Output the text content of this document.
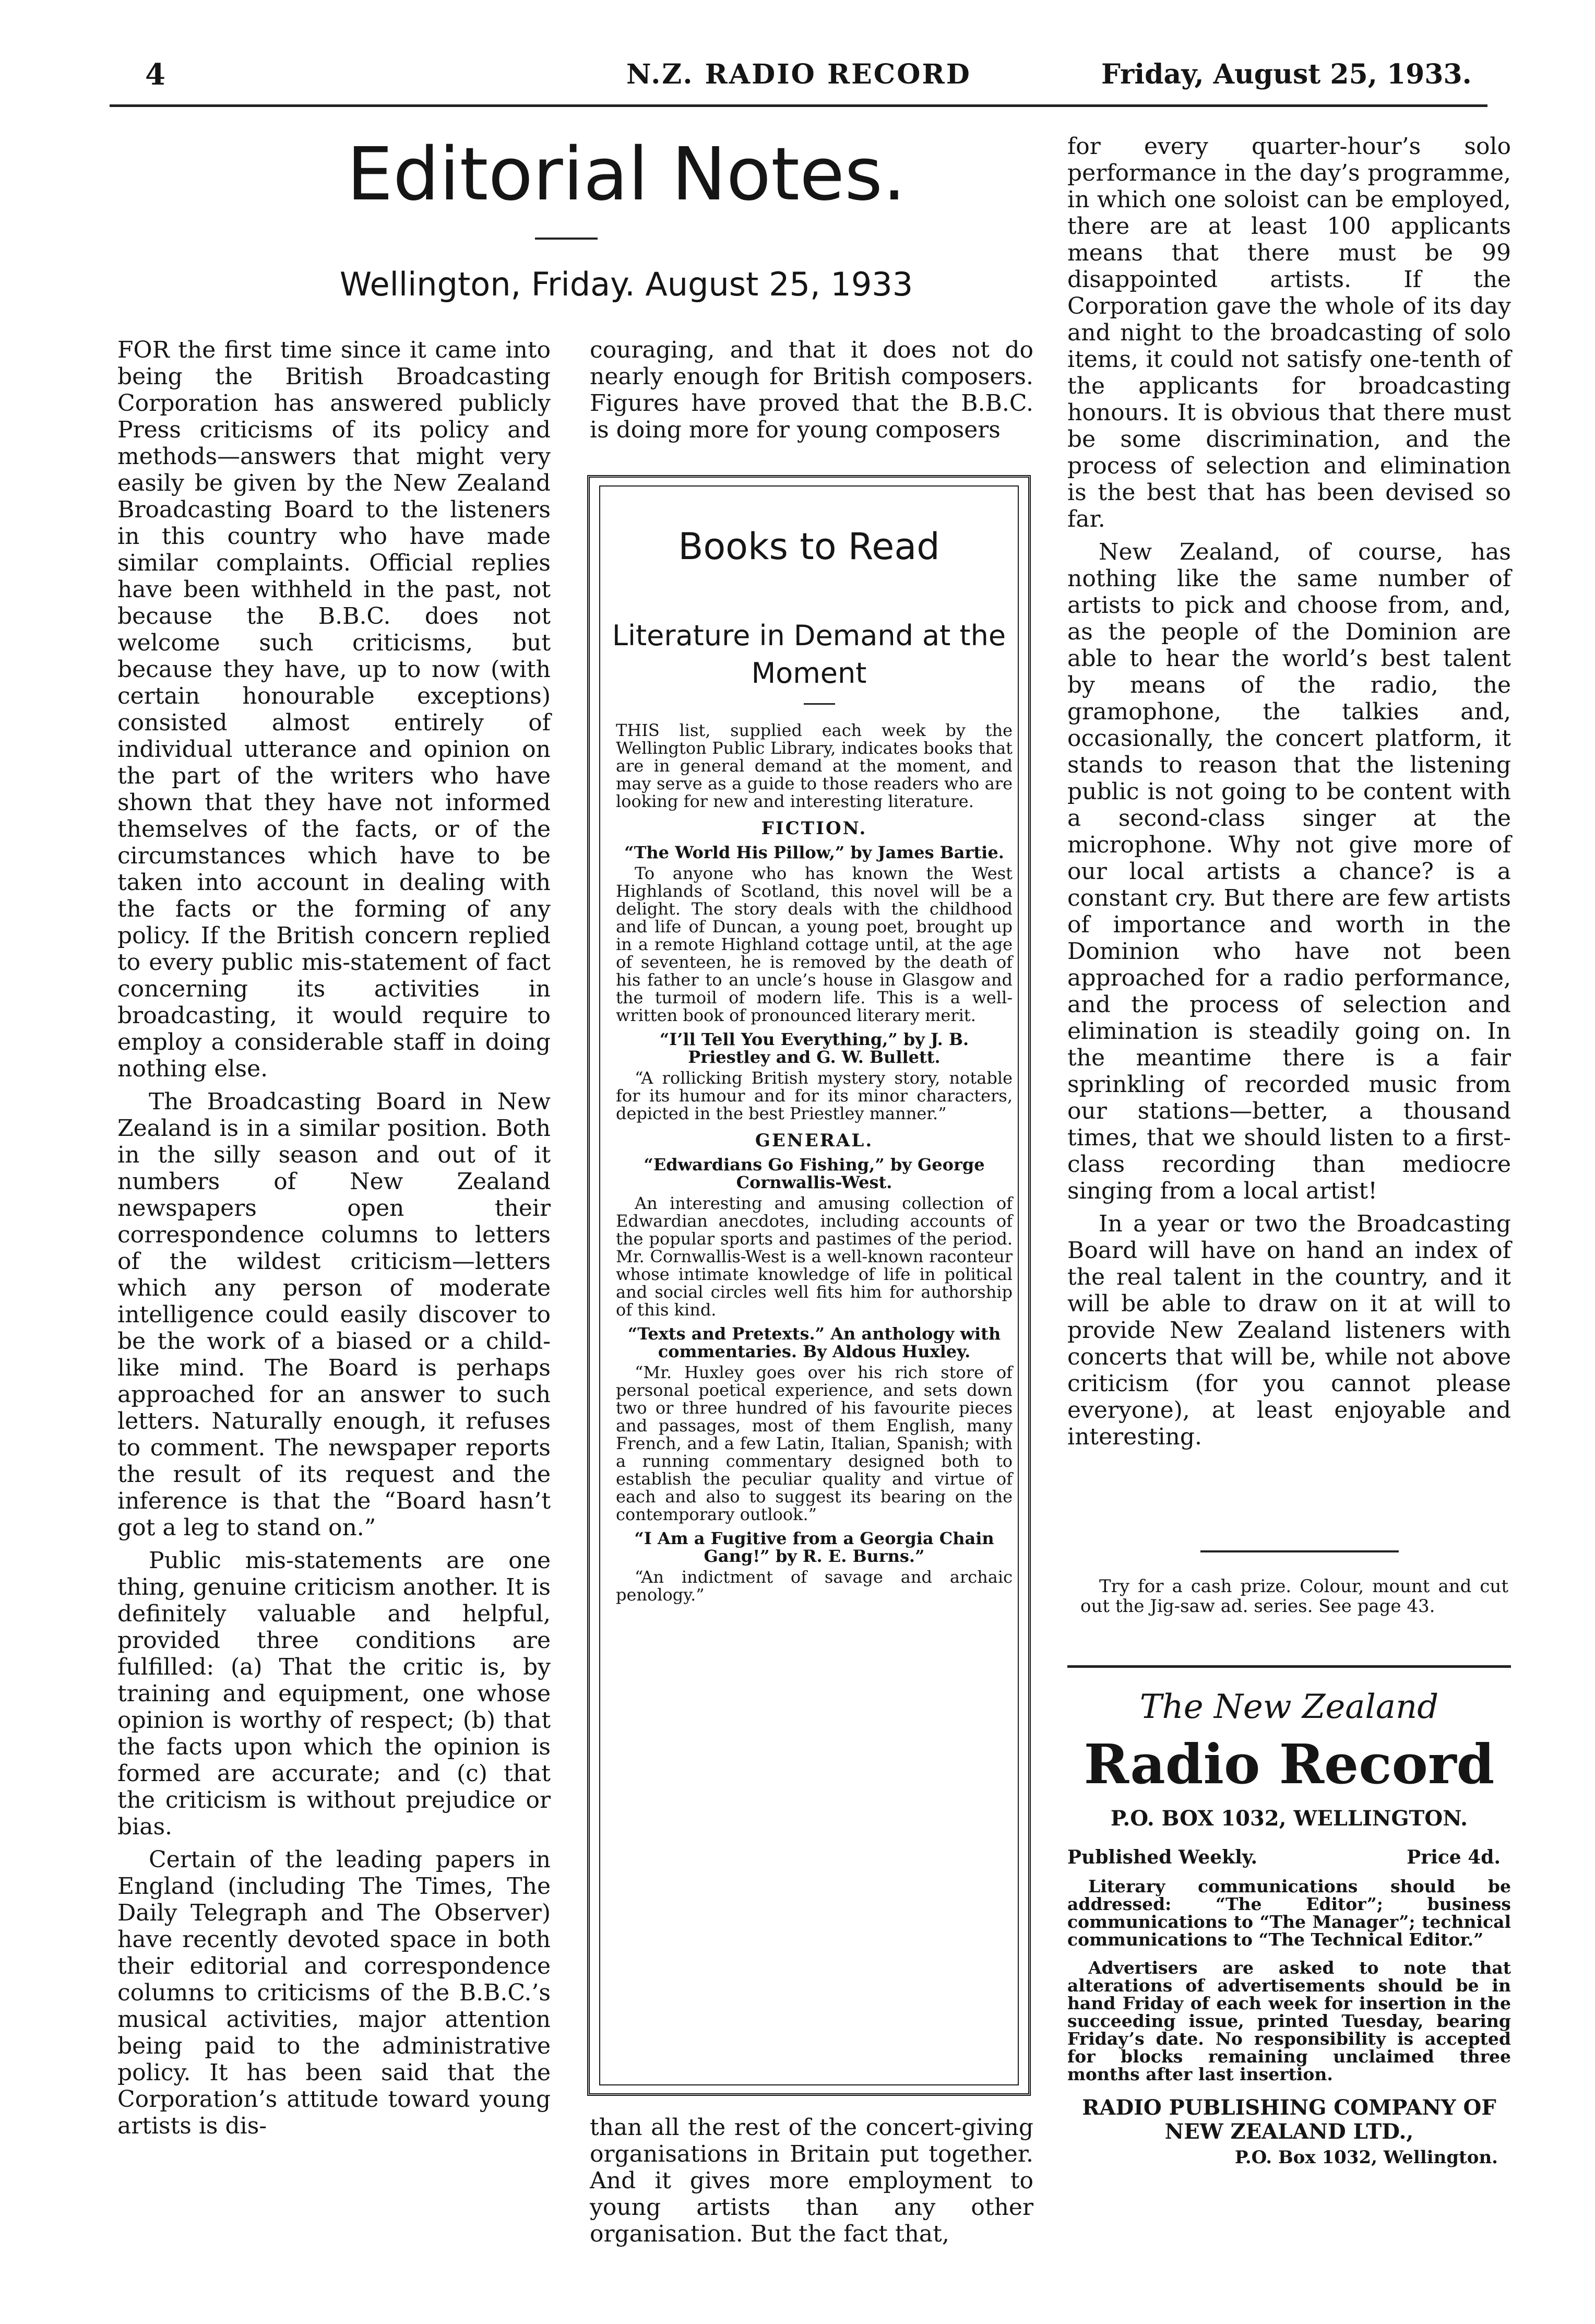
4	N.Z. RADIO RECORD	Friday, August 25, 1933.
Editorial Notes.
Wellington, Friday. August 25, 1933

FOR the first time since it came into being the British Broadcasting Corporation has answered publicly Press criticisms of its policy and methods—answers that might very easily be given by the New Zealand Broadcasting Board to the listeners in this country who have made similar complaints. Official replies have been withheld in the past, not because the B.B.C. does not welcome such criticisms, but because they have, up to now (with certain honourable exceptions) consisted almost entirely of individual utterance and opinion on the part of the writers who have shown that they have not informed themselves of the facts, or of the circumstances which have to be taken into account in dealing with the facts or the forming of any policy. If the British concern replied to every public mis-statement of fact concerning its activities in broadcasting, it would require to employ a considerable staff in doing nothing else.

The Broadcasting Board in New Zealand is in a similar position. Both in the silly season and out of it numbers of New Zealand newspapers open their correspondence columns to letters of the wildest criticism—letters which any person of moderate intelligence could easily discover to be the work of a biased or a child-like mind. The Board is perhaps approached for an answer to such letters. Naturally enough, it refuses to comment. The newspaper reports the result of its request and the inference is that the “Board hasn’t got a leg to stand on.”

Public mis-statements are one thing, genuine criticism another. It is definitely valuable and helpful, provided three conditions are fulfilled: (a) That the critic is, by training and equipment, one whose opinion is worthy of respect; (b) that the facts upon which the opinion is formed are accurate; and (c) that the criticism is without prejudice or bias.

Certain of the leading papers in England (including The Times, The Daily Telegraph and The Observer) have recently devoted space in both their editorial and correspondence columns to criticisms of the B.B.C.’s musical activities, major attention being paid to the administrative policy. It has been said that the Corporation’s attitude toward young artists is dis-

couraging, and that it does not do nearly enough for British composers. Figures have proved that the B.B.C. is doing more for young composers

Books to Read
Literature in Demand at the Moment

THIS list, supplied each week by the Wellington Public Library, indicates books that are in general demand at the moment, and may serve as a guide to those readers who are looking for new and interesting literature.

FICTION.
“The World His Pillow,” by James Bartie.

To anyone who has known the West Highlands of Scotland, this novel will be a delight. The story deals with the childhood and life of Duncan, a young poet, brought up in a remote Highland cottage until, at the age of seventeen, he is removed by the death of his father to an uncle’s house in Glasgow and the turmoil of modern life. This is a well-written book of pronounced literary merit.

“I’ll Tell You Everything,” by J. B. Priestley and G. W. Bullett.

“A rollicking British mystery story, notable for its humour and for its minor characters, depicted in the best Priestley manner.”

GENERAL.
“Edwardians Go Fishing,” by George Cornwallis-West.

An interesting and amusing collection of Edwardian anecdotes, including accounts of the popular sports and pastimes of the period. Mr. Cornwallis-West is a well-known raconteur whose intimate knowledge of life in political and social circles well fits him for authorship of this kind.

“Texts and Pretexts.” An anthology with commentaries. By Aldous Huxley.

“Mr. Huxley goes over his rich store of personal poetical experience, and sets down two or three hundred of his favourite pieces and passages, most of them English, many French, and a few Latin, Italian, Spanish; with a running commentary designed both to establish the peculiar quality and virtue of each and also to suggest its bearing on the contemporary outlook.”

“I Am a Fugitive from a Georgia Chain Gang!” by R. E. Burns.”

“An indictment of savage and archaic penology.”

than all the rest of the concert-giving organisations in Britain put together. And it gives more employment to young artists than any other organisation. But the fact that,

for every quarter-hour’s solo performance in the day’s programme, in which one soloist can be employed, there are at least 100 applicants means that there must be 99 disappointed artists. If the Corporation gave the whole of its day and night to the broadcasting of solo items, it could not satisfy one-tenth of the applicants for broadcasting honours. It is obvious that there must be some discrimination, and the process of selection and elimination is the best that has been devised so far.

New Zealand, of course, has nothing like the same number of artists to pick and choose from, and, as the people of the Dominion are able to hear the world’s best talent by means of the radio, the gramophone, the talkies and, occasionally, the concert platform, it stands to reason that the listening public is not going to be content with a second-class singer at the microphone. Why not give more of our local artists a chance? is a constant cry. But there are few artists of importance and worth in the Dominion who have not been approached for a radio performance, and the process of selection and elimination is steadily going on. In the meantime there is a fair sprinkling of recorded music from our stations—better, a thousand times, that we should listen to a first-class recording than mediocre singing from a local artist!

In a year or two the Broadcasting Board will have on hand an index of the real talent in the country, and it will be able to draw on it at will to provide New Zealand listeners with concerts that will be, while not above criticism (for you cannot please everyone), at least enjoyable and interesting.

Try for a cash prize. Colour, mount and cut out the Jig-saw ad. series. See page 43.
The New Zealand
Radio Record
P.O. BOX 1032, WELLINGTON.
Published Weekly.	Price 4d.
Literary communications should be addressed: “The Editor”; business communications to “The Manager”; technical communications to “The Technical Editor.”
Advertisers are asked to note that alterations of advertisements should be in hand Friday of each week for insertion in the succeeding issue, printed Tuesday, bearing Friday’s date. No responsibility is accepted for blocks remaining unclaimed three months after last insertion.
RADIO PUBLISHING COMPANY OF
NEW ZEALAND LTD.,
P.O. Box 1032, Wellington.
